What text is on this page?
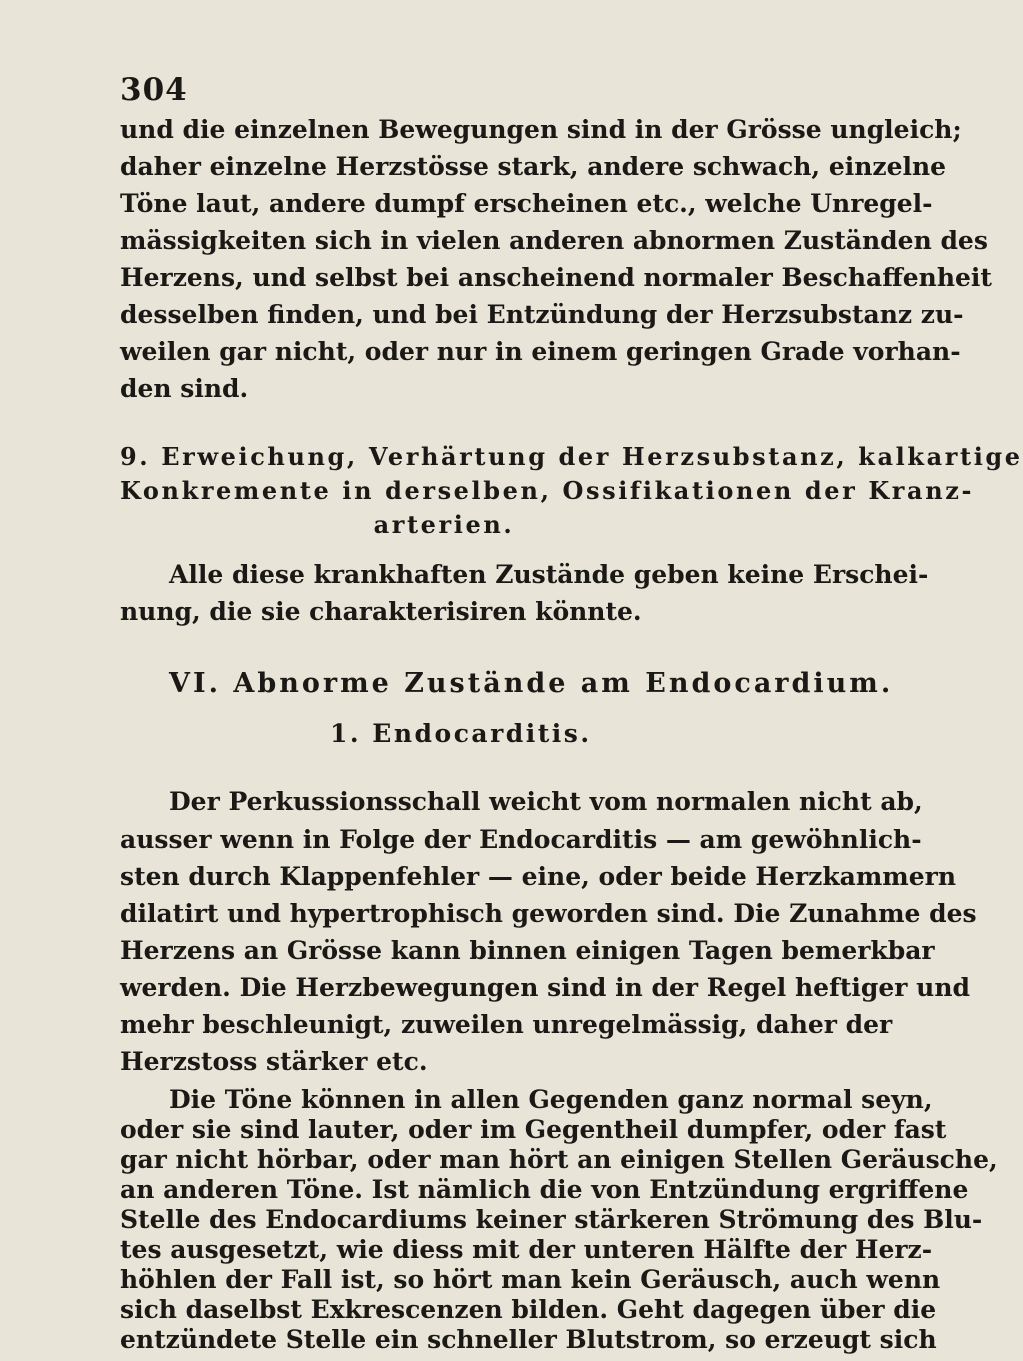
304
und die einzelnen Bewegungen sind in der Grösse ungleich;
daher einzelne Herzstösse stark, andere schwach, einzelne
Töne laut, andere dumpf erscheinen etc., welche Unregel-
mässigkeiten sich in vielen anderen abnormen Zuständen des
Herzens, und selbst bei anscheinend normaler Beschaffenheit
desselben finden, und bei Entzündung der Herzsubstanz zu-
weilen gar nicht, oder nur in einem geringen Grade vorhan-
den sind.
9. Erweichung, Verhärtung der Herzsubstanz, kalkartige
Konkremente in derselben, Ossifikationen der Kranz-
arterien.
Alle diese krankhaften Zustände geben keine Erschei-
nung, die sie charakterisiren könnte.
VI. Abnorme Zustände am Endocardium.
1. Endocarditis.
Der Perkussionsschall weicht vom normalen nicht ab,
ausser wenn in Folge der Endocarditis — am gewöhnlich-
sten durch Klappenfehler — eine, oder beide Herzkammern
dilatirt und hypertrophisch geworden sind. Die Zunahme des
Herzens an Grösse kann binnen einigen Tagen bemerkbar
werden. Die Herzbewegungen sind in der Regel heftiger und
mehr beschleunigt, zuweilen unregelmässig, daher der
Herzstoss stärker etc.
Die Töne können in allen Gegenden ganz normal seyn,
oder sie sind lauter, oder im Gegentheil dumpfer, oder fast
gar nicht hörbar, oder man hört an einigen Stellen Geräusche,
an anderen Töne. Ist nämlich die von Entzündung ergriffene
Stelle des Endocardiums keiner stärkeren Strömung des Blu-
tes ausgesetzt, wie diess mit der unteren Hälfte der Herz-
höhlen der Fall ist, so hört man kein Geräusch, auch wenn
sich daselbst Exkrescenzen bilden. Geht dagegen über die
entzündete Stelle ein schneller Blutstrom, so erzeugt sich
